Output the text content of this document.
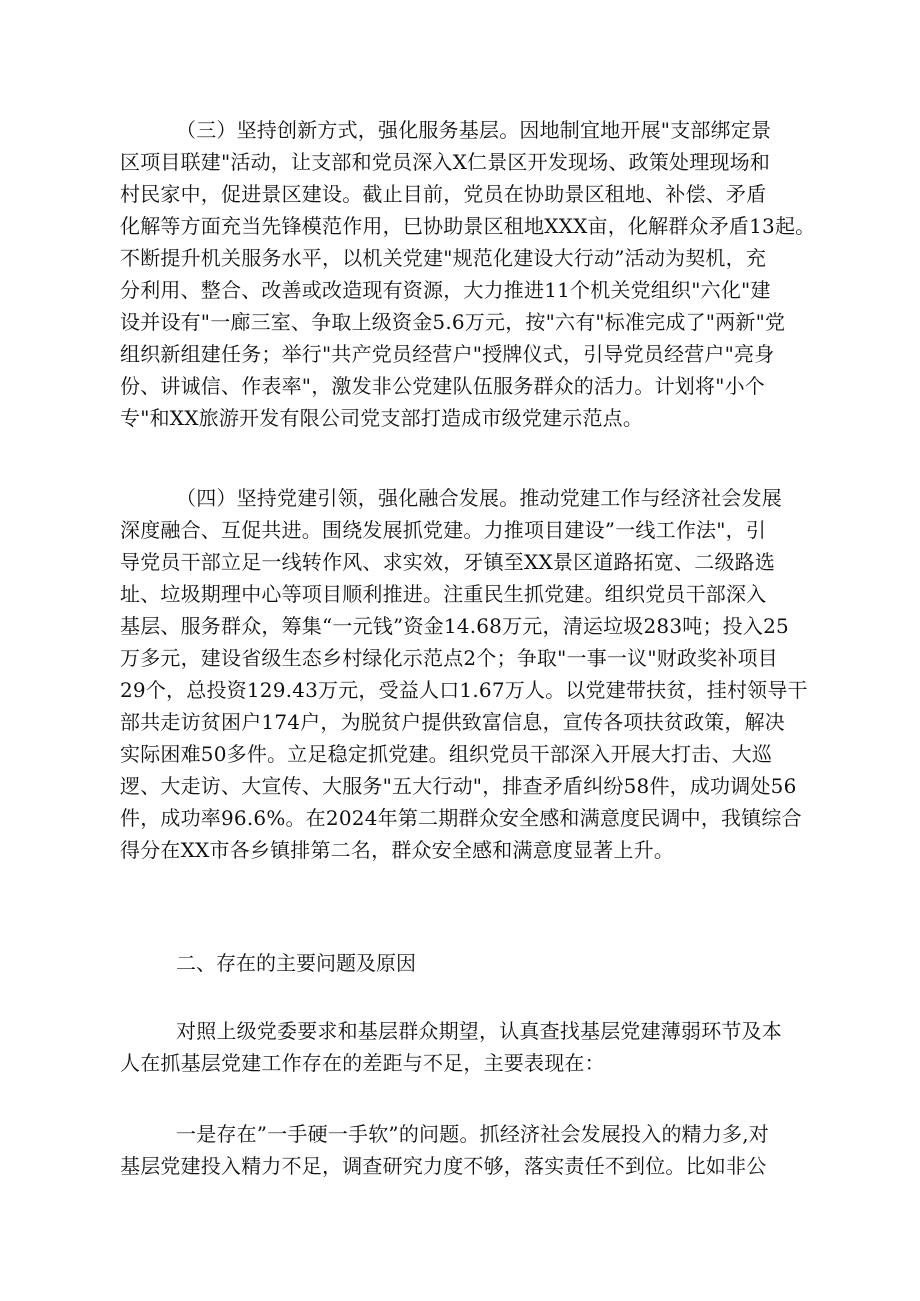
（三）坚持创新方式，强化服务基层。因地制宜地开展"支部绑定景
区项目联建"活动，让支部和党员深入X仁景区开发现场、政策处理现场和
村民家中，促进景区建设。截止目前，党员在协助景区租地、补偿、矛盾
化解等方面充当先锋模范作用，巳协助景区租地XXX亩，化解群众矛盾13起。
不断提升机关服务水平，以机关党建"规范化建设大行动”活动为契机，充
分利用、整合、改善或改造现有资源，大力推进11个机关党组织"六化"建
设并设有"一廊三室、争取上级资金5.6万元，按"六有"标准完成了"两新"党
组织新组建任务；举行"共产党员经营户"授牌仪式，引导党员经营户"亮身
份、讲诚信、作表率"，激发非公党建队伍服务群众的活力。计划将"小个
专"和XX旅游开发有限公司党支部打造成市级党建示范点。
（四）坚持党建引领，强化融合发展。推动党建工作与经济社会发展
深度融合、互促共进。围绕发展抓党建。力推项目建设”一线工作法"，引
导党员干部立足一线转作风、求实效，牙镇至XX景区道路拓宽、二级路选
址、垃圾期理中心等项目顺利推进。注重民生抓党建。组织党员干部深入
基层、服务群众，筹集“一元钱”资金14.68万元，清运垃圾283吨；投入25
万多元，建设省级生态乡村绿化示范点2个；争取"一事一议"财政奖补项目
29个，总投资129.43万元，受益人口1.67万人。以党建带扶贫，挂村领导干
部共走访贫困户174户，为脱贫户提供致富信息，宣传各项扶贫政策，解决
实际困难50多件。立足稳定抓党建。组织党员干部深入开展大打击、大巡
逻、大走访、大宣传、大服务"五大行动"，排查矛盾纠纷58件，成功调处56
件，成功率96.6%。在2024年第二期群众安全感和满意度民调中，我镇综合
得分在XX市各乡镇排第二名，群众安全感和满意度显著上升。
二、存在的主要问题及原因
对照上级党委要求和基层群众期望，认真查找基层党建薄弱环节及本
人在抓基层党建工作存在的差距与不足，主要表现在：
一是存在”一手硬一手软”的问题。抓经济社会发展投入的精力多,对
基层党建投入精力不足，调查研究力度不够，落实责任不到位。比如非公
